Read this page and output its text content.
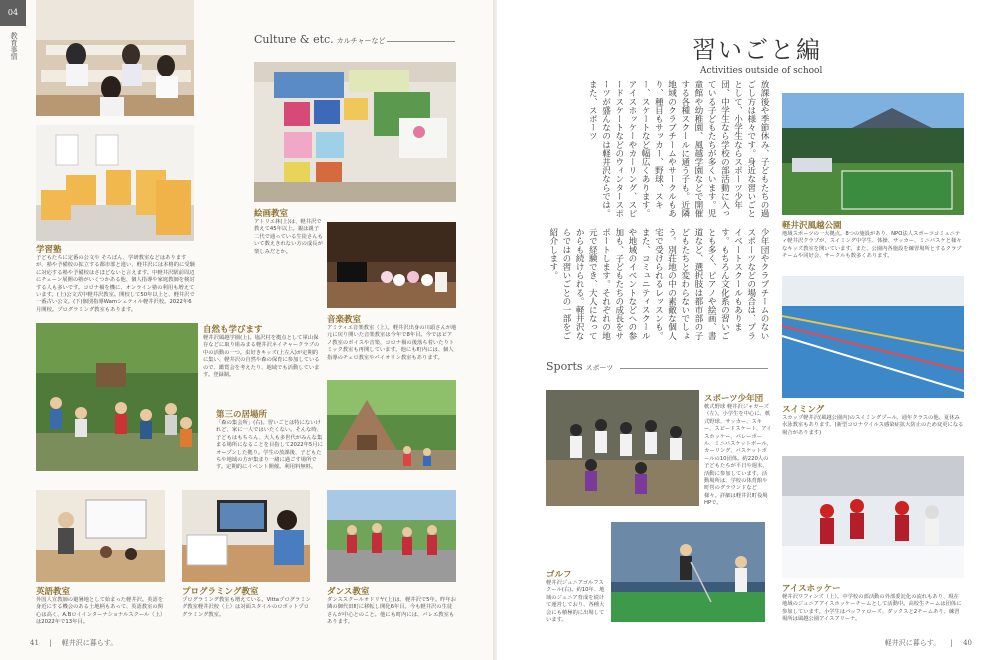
04
教育事情
学習塾
子どもたちに定番の公文や そろばん、学研教室などはありますが、塾や予備校の拡立する都市部と違い、軽井沢には本格的に受験に対応する塾や予備校はさほどないと言えます。中軽井沢駅前周辺にチェーン展開の塾がいくつかある他、個人指導や家庭教師を検討する人も多いです。コロナ禍を機に、オンライン塾の利用も増えています。(上)公文式中軽井沢教室。開校して50年以上と、軽井沢で一番古い公文。(下)個別指導Wamシェティル軽井沢校。2022年6月開校。プログラミング教室もあります。
Culture & etc. カルチャーなど
絵画教室
アトリエ林(上)は、軽井沢で教えて45年以上。親は親子二代で通っている生徒さんもいて数えきれない方の成長が楽しみだとか。
音楽教室
アミティエ音楽教室（上）。軽井沢出身の川頭さんが地元に戻り開いた音楽教室は今年で8年目。今ではピアノ教室のボイスや音楽、コロナ禍の後落ち着いたりトミック教室も再開しています。他にも町内には、個人指導のチェロ教室やバイオリン教室もあります。
自然も学びます
軽井沢風越学園(上)。塩沢村を拠点として軍山保存などに取り組みまる軽井沢ネイチャークラブの中の活動の一つ。虫好きキッズ(上左入)が定期的に集い、軽井沢の自然や森の保育に参加しているので、鑑賞会を考えたり、地域でも活動しています。登録制。
第三の居場所
「森の集会所」(右)。習いごとは特にないけれど、家に一人ではいたくない。そんな時、子どもはもちろん、大人も多世代がみんな集まる場所になることを目指して2022年5月にオープンした拠り。学生の放課後、子どもたちや地域の方が集まり一緒に過ごす場所です。定期的にイベント開催。利用料無料。
英語教室
外国人宣教師の避暑地として始まった軽井沢。英語を身近にする機会のある土地柄もあって、英語教室の関心は高く、A.Bロイインターナショナルスクール（上）は2022年で13年目。
プログラミング教室
プログラミング教室も増えている。Vittaプログラミング教室軽井沢校（上）は対面スタイルのロボットプログラミング教室。
ダンス教室
ダンススクールオドリヤ(上)は、軽井沢で5年。昨年お隣の御代田町に移転し開化6年目。今も軽井沢の生徒さんが中心とのこと。他にも町内には、バレエ教室もあります。
41 | 軽井沢に暮らす。
習いごと編
Activities outside of school
放課後や季節休み、子どもたちの過ごし方は様々です。身近な習いごととして、小学生ならスポーツ少年団、中学生なら学校の部活動に入っている子どもたちが多くいます。児童館や幼稚園、風越学園などで開催する各種スクールに通う子も。近隣地域のクラブチームやサークルもあり、種目もサッカー、野球、スキー、スケートなど幅広くあります。アイスホッケーやカーリング、スピードスケートなどのウィンタースポーツが盛んなのは軽井沢ならでは。また、スポーツ
少年団やクラブチームのないスポーツなどの場合は、プライベートスクールもあります。もちろん文化系の習いごとも多く、ピアノや絵画、書道など、選択肢は都市部の子どもたちと変わらないでしょう。別荘地の中の素敵な個人宅で受けられるレッスンも。また、コミュニティスクールや地域のイベントなどへの参加も、子どもたちの成長をサポートします。それぞれの地元で経験でき、大人になってからも続けられる。軽井沢ならではの習いごとの一部をご紹介します。
Sports スポーツ
軽井沢風越公園
地域スポーツの一大拠点。8つの施設があり、NPO法人スポーツコミュニティ軽井沢クラブが、スイミング中学生、体操、サッカー、ミニバスケと様々なキッズ教室を開いています。また、公園内各施設を練習場所とするクラブチームや同好会、サークルも数多くあります。
スイミング
スカップ軽井沢(風越公園内)のスイミングプール。通年クラスの他、夏休み水泳教室もあります。(新型コロナウイルス感染症拡大防止のため変更になる場合があります)
スポーツ少年団
軟式野球 軽井沢ジャガーズ（左）。小学生を中心に、軟式野球、サッカー、スキー、スピードスケート、アイスホッケー、バレーボール、ミニバスケットボール、カーリング、バスケットボールの10団体。約220人の子どもたちが平日や週末、活動に参加しています。活動場所は、学校の体育館や町営のグラウンドなど様々。詳細は軽井沢町役場HPで。
ゴルフ
軽井沢ジュニアゴルフスクール(右)。約10年、地域のジュニア育成を続けて運営しており、各種大会にも積極的に出場しています。
アイスホッケー
軽井沢ワフィンズ（上）。中学校の部活動の外部委託化の流れもあり、現在地域のジュニアアイスホッケーチームとして活動中。高校生チームは団体に参加しています。小学生はパッファローズ、ダックスと2チームあり、練習場所は風越公園アイスアリーナ。
軽井沢に暮らす。 | 40
